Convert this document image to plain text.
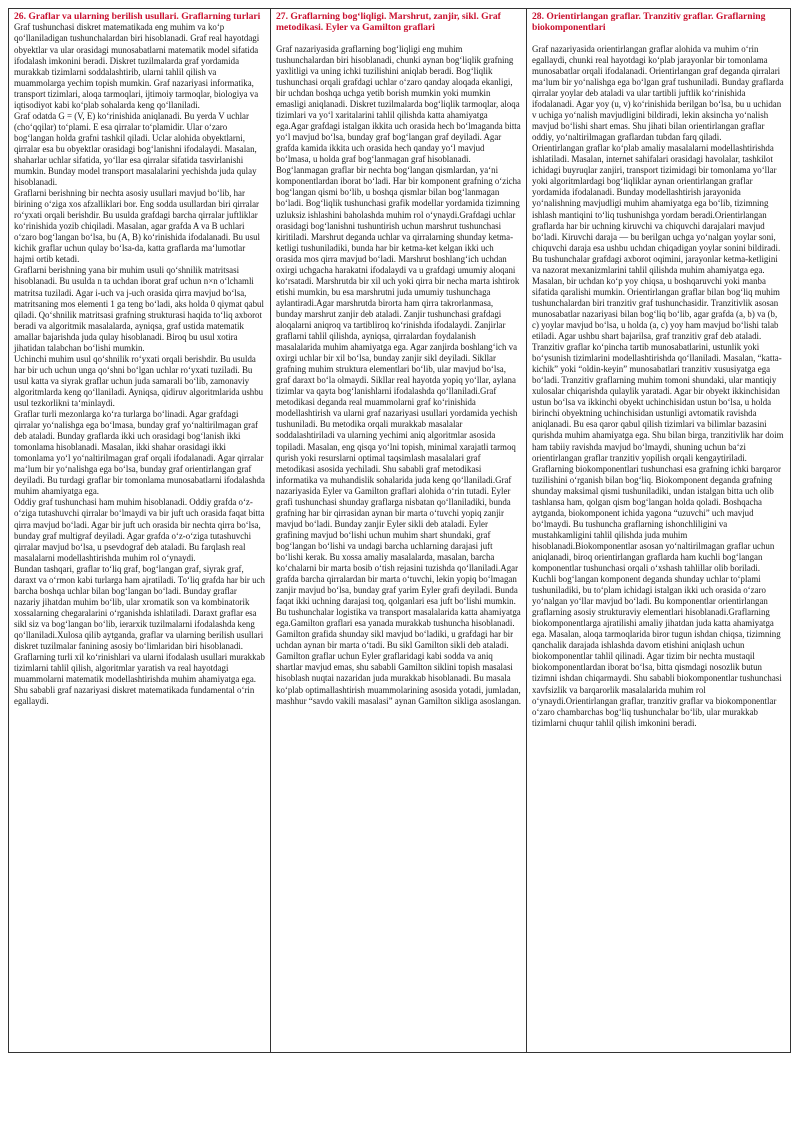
26. Graflar va ularning berilish usullari. Graflarning turlari

Graf tushunchasi diskret matematikada eng muhim va ko‘p qo‘llaniladigan tushunchalardan biri hisoblanadi. Graf real hayotdagi obyektlar va ular orasidagi munosabatlarni matematik model sifatida ifodalash imkonini beradi. Diskret tuzilmalarda graf yordamida murakkab tizimlarni soddalashtirib, ularni tahlil qilish va muammolarga yechim topish mumkin. Graf nazariyasi informatika, transport tizimlari, aloqa tarmoqlari, ijtimoiy tarmoqlar, biologiya va iqtisodiyot kabi ko‘plab sohalarda keng qo‘llaniladi.
Graf odatda G = (V, E) ko‘rinishida aniqlanadi. Bu yerda V uchlar (cho‘qqilar) to‘plami. E esa qirralar to‘plamidir. Ular o‘zaro bog‘langan holda grafni tashkil qiladi. Uclar alohida obyektlarni, qirralar esa bu obyektlar orasidagi bog‘lanishni ifodalaydi. Masalan, shaharlar uchlar sifatida, yo‘llar esa qirralar sifatida tasvirlanishi mumkin. Bunday model transport masalalarini yechishda juda qulay hisoblanadi.
Graflarni berishning bir nechta asosiy usullari mavjud bo‘lib, har birining o‘ziga xos afzalliklari bor. Eng sodda usullardan biri qirralar ro‘yxati orqali berishdir. Bu usulda grafdagi barcha qirralar juftliklar ko‘rinishida yozib chiqiladi. Masalan, agar grafda A va B uchlari o‘zaro bog‘langan bo‘lsa, bu (A, B) ko‘rinishida ifodalanadi. Bu usul kichik graflar uchun qulay bo‘lsa-da, katta graflarda ma‘lumotlar hajmi ortib ketadi.
Graflarni berishning yana bir muhim usuli qo‘shnilik matritsasi hisoblanadi. Bu usulda n ta uchdan iborat graf uchun n×n o‘lchamli matritsa tuziladi. Agar i-uch va j-uch orasida qirra mavjud bo‘lsa, matritsaning mos elementi 1 ga teng bo‘ladi, aks holda 0 qiymat qabul qiladi. Qo‘shnilik matritsasi grafning strukturasi haqida to‘liq axborot beradi va algoritmik masalalarda, ayniqsa, graf ustida matematik amallar bajarishda juda qulay hisoblanadi. Biroq bu usul xotira jihatidan talabchan bo‘lishi mumkin.
Uchinchi muhim usul qo‘shnilik ro‘yxati orqali berishdir. Bu usulda har bir uch uchun unga qo‘shni bo‘lgan uchlar ro‘yxati tuziladi. Bu usul katta va siyrak graflar uchun juda samarali bo‘lib, zamonaviy algoritmlarda keng qo‘llaniladi. Ayniqsa, qidiruv algoritmlarida ushbu usul tezkorlikni ta‘minlaydi.
Graflar turli mezonlarga ko‘ra turlarga bo‘linadi. Agar grafdagi qirralar yo‘nalishga ega bo‘lmasa, bunday graf yo‘naltirilmagan graf deb ataladi. Bunday graflarda ikki uch orasidagi bog‘lanish ikki tomonlama hisoblanadi. Masalan, ikki shahar orasidagi ikki tomonlama yo‘l yo‘naltirilmagan graf orqali ifodalanadi. Agar qirralar ma‘lum bir yo‘nalishga ega bo‘lsa, bunday graf orientirlangan graf deyiladi. Bu turdagi graflar bir tomonlama munosabatlarni ifodalashda muhim ahamiyatga ega.
Oddiy graf tushunchasi ham muhim hisoblanadi. Oddiy grafda o‘z-o‘ziga tutashuvchi qirralar bo‘lmaydi va bir juft uch orasida faqat bitta qirra mavjud bo‘ladi. Agar bir juft uch orasida bir nechta qirra bo‘lsa, bunday graf multigraf deyiladi. Agar grafda o‘z-o‘ziga tutashuvchi qirralar mavjud bo‘lsa, u psevdograf deb ataladi. Bu farqlash real masalalarni modellashtirishda muhim rol o‘ynaydi.
Bundan tashqari, graflar to‘liq graf, bog‘langan graf, siyrak graf, daraxt va o‘rmon kabi turlarga ham ajratiladi. To‘liq grafda har bir uch barcha boshqa uchlar bilan bog‘langan bo‘ladi. Bunday graflar nazariy jihatdan muhim bo‘lib, ular xromatik son va kombinatorik xossalarning chegaralarini o‘rganishda ishlatiladi. Daraxt graflar esa sikl siz va bog‘langan bo‘lib, ierarxik tuzilmalarni ifodalashda keng qo‘llaniladi.Xulosa qilib aytganda, graflar va ularning berilish usullari diskret tuzilmalar fanining asosiy bo‘limlaridan biri hisoblanadi. Graflarning turli xil ko‘rinishlari va ularni ifodalash usullari murakkab tizimlarni tahlil qilish, algoritmlar yaratish va real hayotdagi muammolarni matematik modellashtirishda muhim ahamiyatga ega. Shu sababli graf nazariyasi diskret matematikada fundamental o‘rin egallaydi.

27. Graflarning bog‘liqligi. Marshrut, zanjir, sikl. Graf metodikasi. Eyler va Gamilton graflari

Graf nazariyasida graflarning bog‘liqligi eng muhim tushunchalardan biri hisoblanadi, chunki aynan bog‘liqlik grafning yaxlitligi va uning ichki tuzilishini aniqlab beradi. Bog‘liqlik tushunchasi orqali grafdagi uchlar o‘zaro qanday aloqada ekanligi, bir uchdan boshqa uchga yetib borish mumkin yoki mumkin emasligi aniqlanadi. Diskret tuzilmalarda bog‘liqlik tarmoqlar, aloqa tizimlari va yo‘l xaritalarini tahlil qilishda katta ahamiyatga ega.Agar grafdagi istalgan ikkita uch orasida hech bo‘lmaganda bitta yo‘l mavjud bo‘lsa, bunday graf bog‘langan graf deyiladi. Agar grafda kamida ikkita uch orasida hech qanday yo‘l mavjud bo‘lmasa, u holda graf bog‘lanmagan graf hisoblanadi. Bog‘lanmagan graflar bir nechta bog‘langan qismlardan, ya‘ni komponentlardan iborat bo‘ladi. Har bir komponent grafning o‘zicha bog‘langan qismi bo‘lib, u boshqa qismlar bilan bog‘lanmagan bo‘ladi. Bog‘liqlik tushunchasi grafik modellar yordamida tizimning uzluksiz ishlashini baholashda muhim rol o‘ynaydi.Grafdagi uchlar orasidagi bog‘lanishni tushuntirish uchun marshrut tushunchasi kiritiladi. Marshrut deganda uchlar va qirralarning shunday ketma-ketligi tushuniladiki, bunda har bir ketma-ket kelgan ikki uch orasida mos qirra mavjud bo‘ladi. Marshrut boshlang‘ich uchdan oxirgi uchgacha harakatni ifodalaydi va u grafdagi umumiy aloqani ko‘rsatadi. Marshrutda bir xil uch yoki qirra bir necha marta ishtirok etishi mumkin, bu esa marshrutni juda umumiy tushunchaga aylantiradi.Agar marshrutda birorta ham qirra takrorlanmasa, bunday marshrut zanjir deb ataladi. Zanjir tushunchasi grafdagi aloqalarni aniqroq va tartibliroq ko‘rinishda ifodalaydi. Zanjirlar graflarni tahlil qilishda, ayniqsa, qirralardan foydalanish masalalarida muhim ahamiyatga ega. Agar zanjirda boshlang‘ich va oxirgi uchlar bir xil bo‘lsa, bunday zanjir sikl deyiladi. Sikllar grafning muhim struktura elementlari bo‘lib, ular mavjud bo‘lsa, graf daraxt bo‘la olmaydi. Sikllar real hayotda yopiq yo‘llar, aylana tizimlar va qayta bog‘lanishlarni ifodalashda qo‘llaniladi.Graf metodikasi deganda real muammolarni graf ko‘rinishida modellashtirish va ularni graf nazariyasi usullari yordamida yechish tushuniladi. Bu metodika orqali murakkab masalalar soddalashtiriladi va ularning yechimi aniq algoritmlar asosida topiladi. Masalan, eng qisqa yo‘lni topish, minimal xarajatli tarmoq qurish yoki resurslarni optimal taqsimlash masalalari graf metodikasi asosida yechiladi. Shu sababli graf metodikasi informatika va muhandislik sohalarida juda keng qo‘llaniladi.Graf nazariyasida Eyler va Gamilton graflari alohida o‘rin tutadi. Eyler grafi tushunchasi shunday graflarga nisbatan qo‘llaniladiki, bunda grafning har bir qirrasidan aynan bir marta o‘tuvchi yopiq zanjir mavjud bo‘ladi. Bunday zanjir Eyler sikli deb ataladi. Eyler grafining mavjud bo‘lishi uchun muhim shart shundaki, graf bog‘langan bo‘lishi va undagi barcha uchlarning darajasi juft bo‘lishi kerak. Bu xossa amaliy masalalarda, masalan, barcha ko‘chalarni bir marta bosib o‘tish rejasini tuzishda qo‘llaniladi.Agar grafda barcha qirralardan bir marta o‘tuvchi, lekin yopiq bo‘lmagan zanjir mavjud bo‘lsa, bunday graf yarim Eyler grafi deyiladi. Bunda faqat ikki uchning darajasi toq, qolganlari esa juft bo‘lishi mumkin. Bu tushunchalar logistika va transport masalalarida katta ahamiyatga ega.Gamilton graflari esa yanada murakkab tushuncha hisoblanadi. Gamilton grafida shunday sikl mavjud bo‘ladiki, u grafdagi har bir uchdan aynan bir marta o‘tadi. Bu sikl Gamilton sikli deb ataladi. Gamilton graflar uchun Eyler graflaridagi kabi sodda va aniq shartlar mavjud emas, shu sababli Gamilton siklini topish masalasi hisoblash nuqtai nazaridan juda murakkab hisoblanadi. Bu masala ko‘plab optimallashtirish muammolarining asosida yotadi, jumladan, mashhur “savdo vakili masalasi” aynan Gamilton sikliga asoslangan.

28. Orientirlangan graflar. Tranzitiv graflar. Graflarning biokomponentlari

Graf nazariyasida orientirlangan graflar alohida va muhim o‘rin egallaydi, chunki real hayotdagi ko‘plab jarayonlar bir tomonlama munosabatlar orqali ifodalanadi. Orientirlangan graf deganda qirralari ma‘lum bir yo‘nalishga ega bo‘lgan graf tushuniladi. Bunday graflarda qirralar yoylar deb ataladi va ular tartibli juftlik ko‘rinishida ifodalanadi. Agar yoy (u, v) ko‘rinishida berilgan bo‘lsa, bu u uchidan v uchiga yo‘nalish mavjudligini bildiradi, lekin aksincha yo‘nalish mavjud bo‘lishi shart emas. Shu jihati bilan orientirlangan graflar oddiy, yo‘naltirilmagan graflardan tubdan farq qiladi.
Orientirlangan graflar ko‘plab amaliy masalalarni modellashtirishda ishlatiladi. Masalan, internet sahifalari orasidagi havolalar, tashkilot ichidagi buyruqlar zanjiri, transport tizimidagi bir tomonlama yo‘llar yoki algoritmlardagi bog‘liqliklar aynan orientirlangan graflar yordamida ifodalanadi. Bunday modellashtirish jarayonida yo‘nalishning mavjudligi muhim ahamiyatga ega bo‘lib, tizimning ishlash mantiqini to‘liq tushunishga yordam beradi.Orientirlangan graflarda har bir uchning kiruvchi va chiquvchi darajalari mavjud bo‘ladi. Kiruvchi daraja — bu berilgan uchga yo‘nalgan yoylar soni, chiquvchi daraja esa ushbu uchdan chiqadigan yoylar sonini bildiradi. Bu tushunchalar grafdagi axborot oqimini, jarayonlar ketma-ketligini va nazorat mexanizmlarini tahlil qilishda muhim ahamiyatga ega. Masalan, bir uchdan ko‘p yoy chiqsa, u boshqaruvchi yoki manba sifatida qaralishi mumkin. Orientirlangan graflar bilan bog‘liq muhim tushunchalardan biri tranzitiv graf tushunchasidir. Tranzitivlik asosan munosabatlar nazariyasi bilan bog‘liq bo‘lib, agar grafda (a, b) va (b, c) yoylar mavjud bo‘lsa, u holda (a, c) yoy ham mavjud bo‘lishi talab etiladi. Agar ushbu shart bajarilsa, graf tranzitiv graf deb ataladi. Tranzitiv graflar ko‘pincha tartib munosabatlarini, ustunlik yoki bo‘ysunish tizimlarini modellashtirishda qo‘llaniladi. Masalan, “katta-kichik” yoki “oldin-keyin” munosabatlari tranzitiv xususiyatga ega bo‘ladi. Tranzitiv graflarning muhim tomoni shundaki, ular mantiqiy xulosalar chiqarishda qulaylik yaratadi. Agar bir obyekt ikkinchisidan ustun bo‘lsa va ikkinchi obyekt uchinchisidan ustun bo‘lsa, u holda birinchi obyektning uchinchisidan ustunligi avtomatik ravishda aniqlanadi. Bu esa qaror qabul qilish tizimlari va bilimlar bazasini qurishda muhim ahamiyatga ega. Shu bilan birga, tranzitivlik har doim ham tabiiy ravishda mavjud bo‘lmaydi, shuning uchun ba‘zi orientirlangan graflar tranzitiv yopilish orqali kengaytiriladi.
Graflarning biokomponentlari tushunchasi esa grafning ichki barqaror tuzilishini o‘rganish bilan bog‘liq. Biokomponent deganda grafning shunday maksimal qismi tushuniladiki, undan istalgan bitta uch olib tashlansa ham, qolgan qism bog‘langan holda qoladi. Boshqacha aytganda, biokomponent ichida yagona “uzuvchi” uch mavjud bo‘lmaydi. Bu tushuncha graflarning ishonchliligini va mustahkamligini tahlil qilishda juda muhim hisoblanadi.Biokomponentlar asosan yo‘naltirilmagan graflar uchun aniqlanadi, biroq orientirlangan graflarda ham kuchli bog‘langan komponentlar tushunchasi orqali o‘xshash tahlillar olib boriladi. Kuchli bog‘langan komponent deganda shunday uchlar to‘plami tushuniladiki, bu to‘plam ichidagi istalgan ikki uch orasida o‘zaro yo‘nalgan yo‘llar mavjud bo‘ladi. Bu komponentlar orientirlangan graflarning asosiy strukturaviy elementlari hisoblanadi.Graflarning biokomponentlarga ajratilishi amaliy jihatdan juda katta ahamiyatga ega. Masalan, aloqa tarmoqlarida biror tugun ishdan chiqsa, tizimning qanchalik darajada ishlashda davom etishini aniqlash uchun biokomponentlar tahlil qilinadi. Agar tizim bir nechta mustaqil biokomponentlardan iborat bo‘lsa, bitta qismdagi nosozlik butun tizimni ishdan chiqarmaydi. Shu sababli biokomponentlar tushunchasi xavfsizlik va barqarorlik masalalarida muhim rol o‘ynaydi.Orientirlangan graflar, tranzitiv graflar va biokomponentlar o‘zaro chambarchas bog‘liq tushunchalar bo‘lib, ular murakkab tizimlarni chuqur tahlil qilish imkonini beradi.
